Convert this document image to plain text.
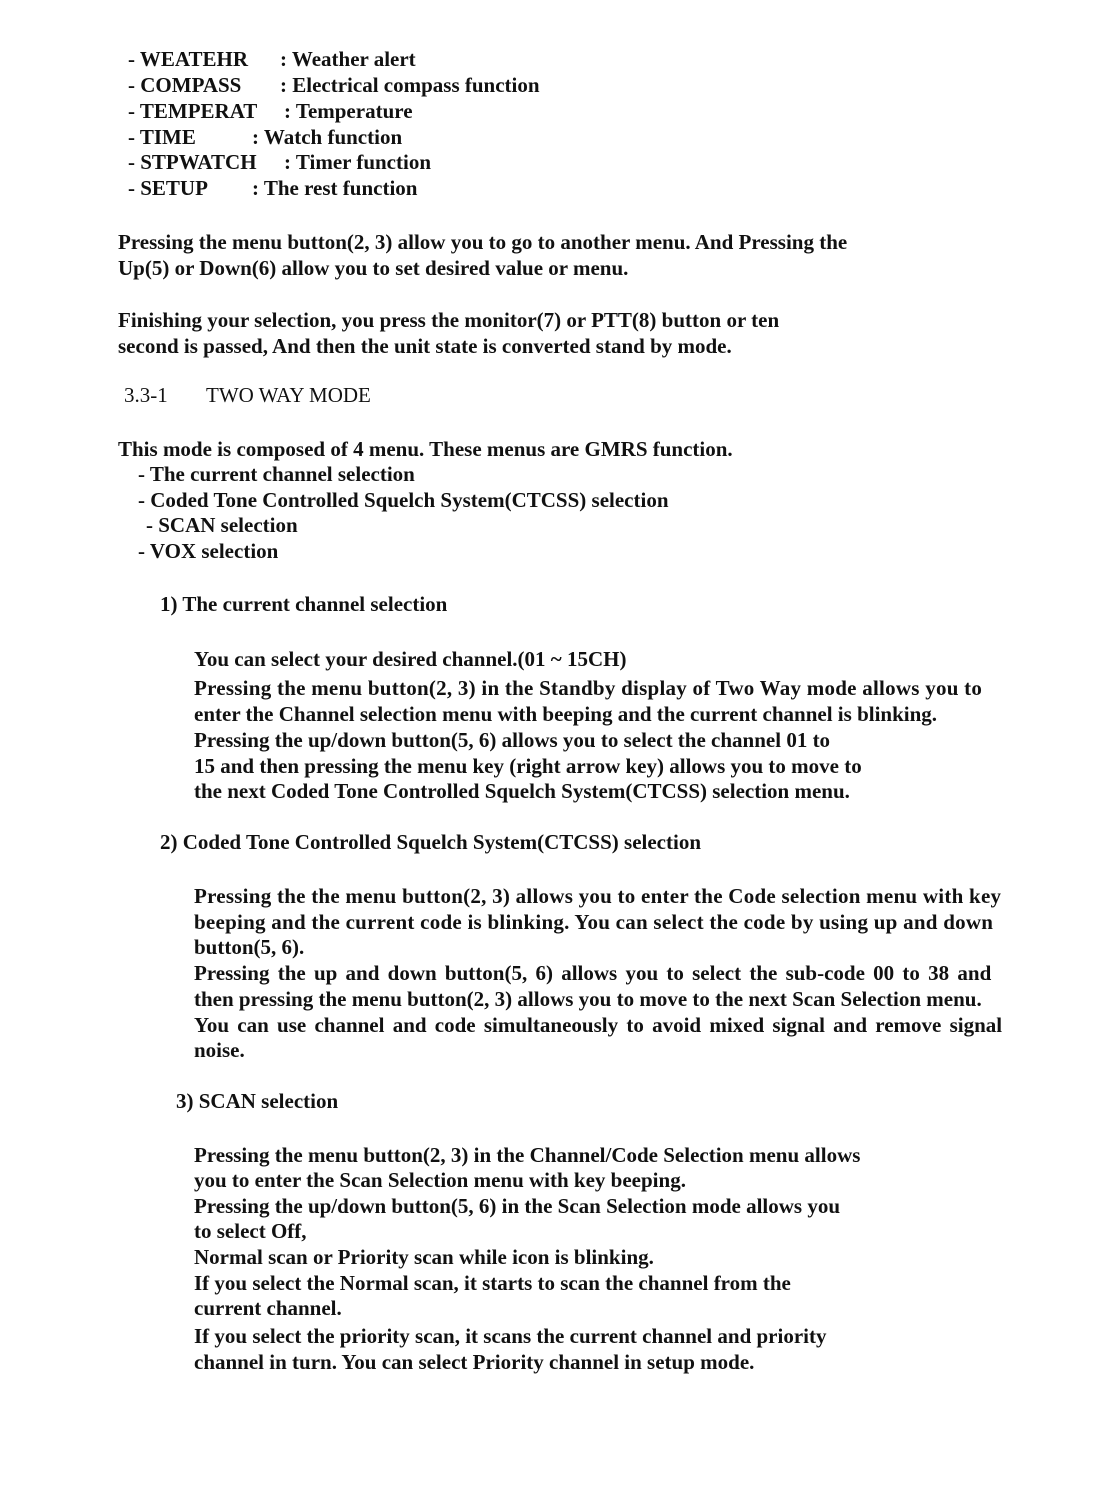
- WEATEHR : Weather alert
- COMPASS : Electrical compass function
- TEMPERAT : Temperature
- TIME	: Watch function
- STPWATCH : Timer function
- SETUP : The rest function
Pressing the menu button(2, 3) allow you to go to another menu. And Pressing the
Up(5) or Down(6) allow you to set desired value or menu.
Finishing your selection, you press the monitor(7) or PTT(8) button or ten
second is passed, And then the unit state is converted stand by mode.
3.3-1 TWO WAY MODE
This mode is composed of 4 menu. These menus are GMRS function.
- The current channel selection
- Coded Tone Controlled Squelch System(CTCSS) selection
- SCAN selection
- VOX selection
1) The current channel selection
You can select your desired channel.(01 ~ 15CH)
Pressing the menu button(2, 3) in the Standby display of Two Way mode allows you to
enter the Channel selection menu with beeping and the current channel is blinking.
Pressing the up/down button(5, 6) allows you to select the channel 01 to
15 and then pressing the menu key (right arrow key) allows you to move to
the next Coded Tone Controlled Squelch System(CTCSS) selection menu.
2) Coded Tone Controlled Squelch System(CTCSS) selection
Pressing the the menu button(2, 3) allows you to enter the Code selection menu with key
beeping and the current code is blinking. You can select the code by using up and down
button(5, 6).
Pressing the up and down button(5, 6) allows you to select the sub-code 00 to 38 and
then pressing the menu button(2, 3) allows you to move to the next Scan Selection menu.
You can use channel and code simultaneously to avoid mixed signal and remove signal
noise.
3) SCAN selection
Pressing the menu button(2, 3) in the Channel/Code Selection menu allows
you to enter the Scan Selection menu with key beeping.
Pressing the up/down button(5, 6) in the Scan Selection mode allows you
to select Off,
Normal scan or Priority scan while icon is blinking.
If you select the Normal scan, it starts to scan the channel from the
current channel.
If you select the priority scan, it scans the current channel and priority
channel in turn. You can select Priority channel in setup mode.
